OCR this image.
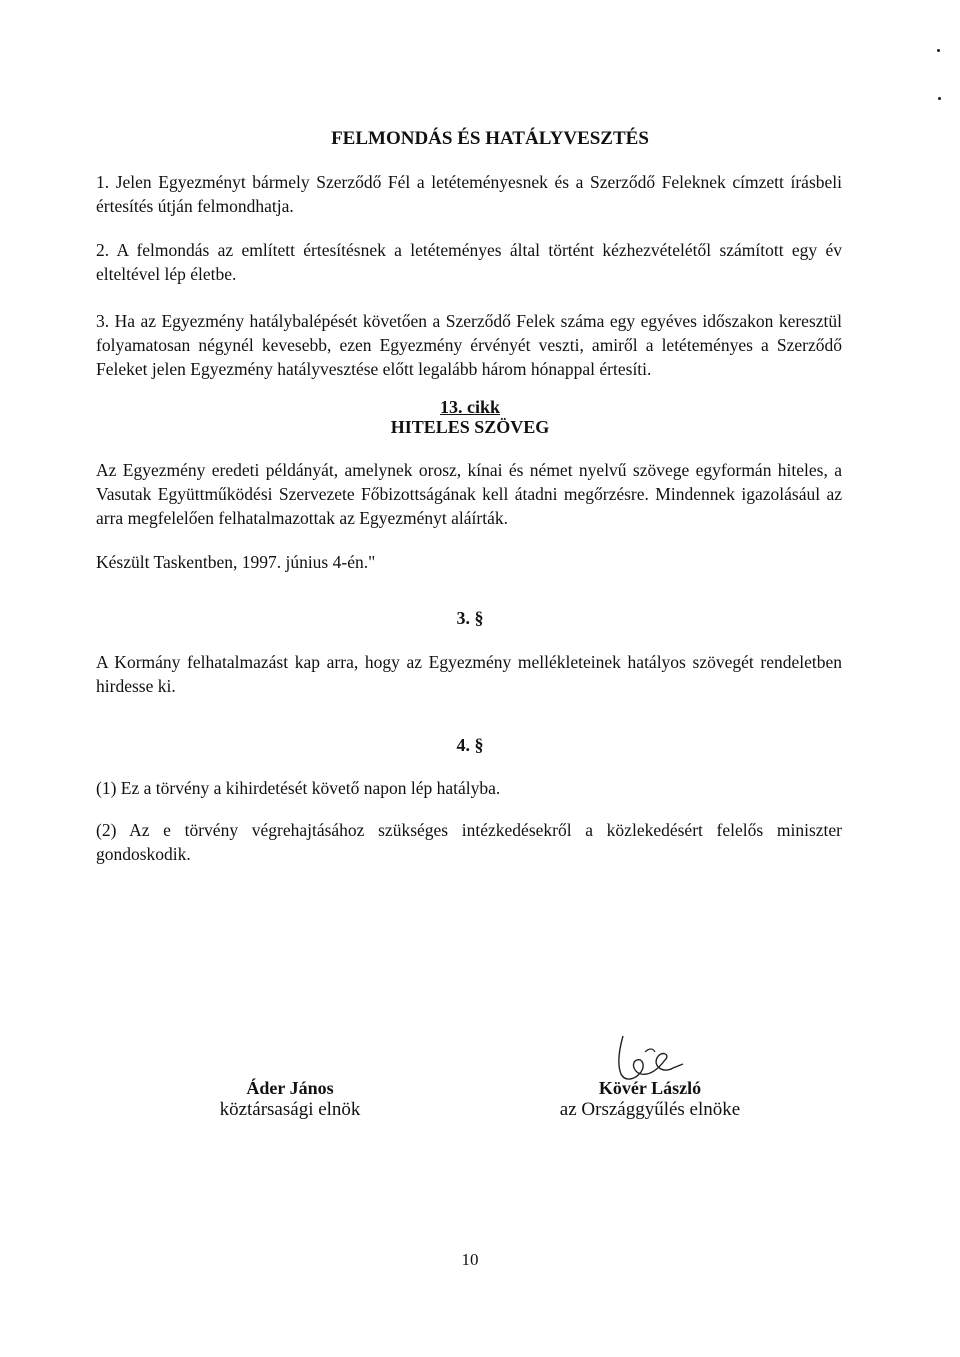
FELMONDÁS ÉS HATÁLYVESZTÉS
1. Jelen Egyezményt bármely Szerződő Fél a letéteményesnek és a Szerződő Feleknek címzett írásbeli értesítés útján felmondhatja.
2. A felmondás az említett értesítésnek a letéteményes által történt kézhezvételétől számított egy év elteltével lép életbe.
3. Ha az Egyezmény hatálybalépését követően a Szerződő Felek száma egy egyéves időszakon keresztül folyamatosan négynél kevesebb, ezen Egyezmény érvényét veszti, amiről a letéteményes a Szerződő Feleket jelen Egyezmény hatályvesztése előtt legalább három hónappal értesíti.
13. cikk
HITELES SZÖVEG
Az Egyezmény eredeti példányát, amelynek orosz, kínai és német nyelvű szövege egyformán hiteles, a Vasutak Együttműködési Szervezete Főbizottságának kell átadni megőrzésre. Mindennek igazolásául az arra megfelelően felhatalmazottak az Egyezményt aláírták.
Készült Taskentben, 1997. június 4-én."
3. §
A Kormány felhatalmazást kap arra, hogy az Egyezmény mellékleteinek hatályos szövegét rendeletben hirdesse ki.
4. §
(1) Ez a törvény a kihirdetését követő napon lép hatályba.
(2) Az e törvény végrehajtásához szükséges intézkedésekről a közlekedésért felelős miniszter gondoskodik.
Áder János
köztársasági elnök
Kövér László
az Országgyűlés elnöke
10
